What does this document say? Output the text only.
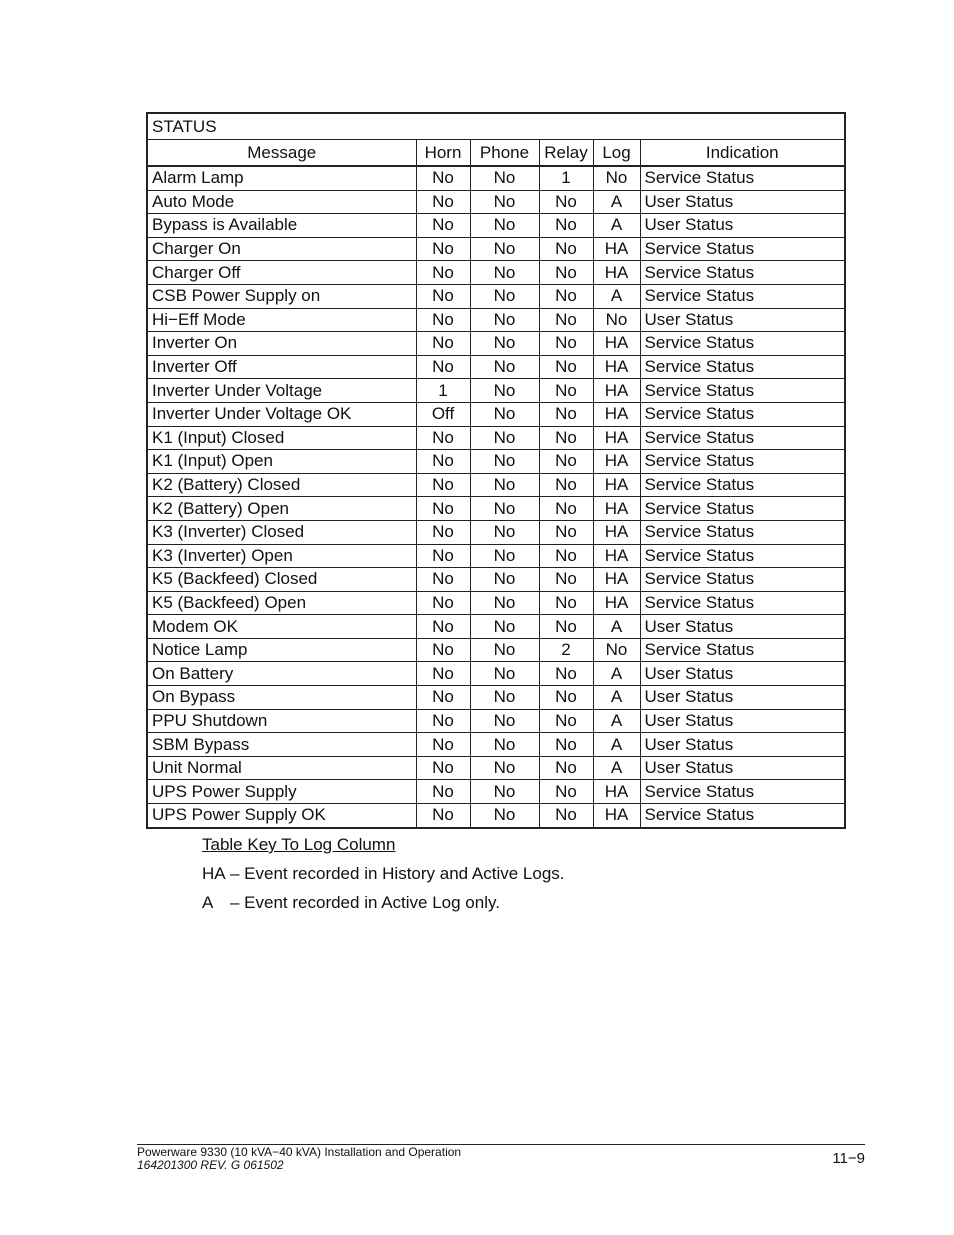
STATUS					
Message	Horn	Phone	Relay	Log	Indication
Alarm Lamp	No	No	1	No	Service Status
Auto Mode	No	No	No	A	User Status
Bypass is Available	No	No	No	A	User Status
Charger On	No	No	No	HA	Service Status
Charger Off	No	No	No	HA	Service Status
CSB Power Supply on	No	No	No	A	Service Status
Hi−Eff Mode	No	No	No	No	User Status
Inverter On	No	No	No	HA	Service Status
Inverter Off	No	No	No	HA	Service Status
Inverter Under Voltage	1	No	No	HA	Service Status
Inverter Under Voltage OK	Off	No	No	HA	Service Status
K1 (Input) Closed	No	No	No	HA	Service Status
K1 (Input) Open	No	No	No	HA	Service Status
K2 (Battery) Closed	No	No	No	HA	Service Status
K2 (Battery) Open	No	No	No	HA	Service Status
K3 (Inverter) Closed	No	No	No	HA	Service Status
K3 (Inverter) Open	No	No	No	HA	Service Status
K5 (Backfeed) Closed	No	No	No	HA	Service Status
K5 (Backfeed) Open	No	No	No	HA	Service Status
Modem OK	No	No	No	A	User Status
Notice Lamp	No	No	2	No	Service Status
On Battery	No	No	No	A	User Status
On Bypass	No	No	No	A	User Status
PPU Shutdown	No	No	No	A	User Status
SBM Bypass	No	No	No	A	User Status
Unit Normal	No	No	No	A	User Status
UPS Power Supply	No	No	No	HA	Service Status
UPS Power Supply OK	No	No	No	HA	Service Status
Table Key To Log Column
HA – Event recorded in History and Active Logs.
A – Event recorded in Active Log only.
Powerware 9330 (10 kVA−40 kVA) Installation and Operation
164201300 REV. G 061502	11−9
